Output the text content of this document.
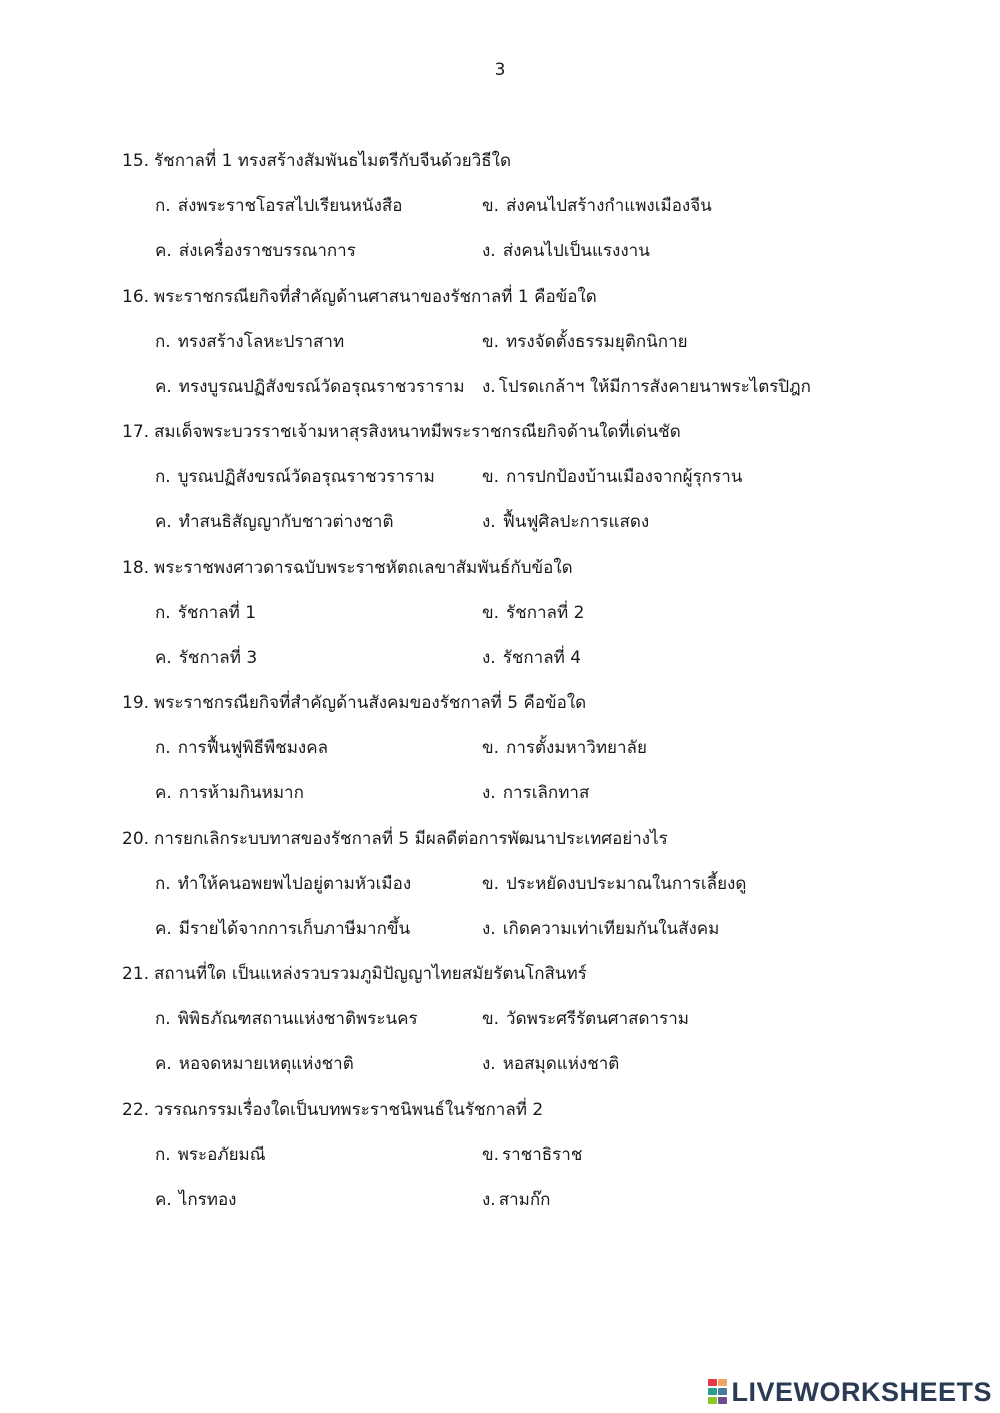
3
15. รัชกาลที่ 1 ทรงสร้างสัมพันธไมตรีกับจีนด้วยวิธีใด
ก. ส่งพระราชโอรสไปเรียนหนังสือ	ข. ส่งคนไปสร้างกำแพงเมืองจีน
ค. ส่งเครื่องราชบรรณาการ	ง. ส่งคนไปเป็นแรงงาน
16. พระราชกรณียกิจที่สำคัญด้านศาสนาของรัชกาลที่ 1 คือข้อใด
ก. ทรงสร้างโลหะปราสาท	ข. ทรงจัดตั้งธรรมยุติกนิกาย
ค. ทรงบูรณปฏิสังขรณ์วัดอรุณราชวราราม ง. โปรดเกล้าฯ ให้มีการสังคายนาพระไตรปิฎก
17. สมเด็จพระบวรราชเจ้ามหาสุรสิงหนาทมีพระราชกรณียกิจด้านใดที่เด่นชัด
ก. บูรณปฏิสังขรณ์วัดอรุณราชวราราม	ข. การปกป้องบ้านเมืองจากผู้รุกราน
ค. ทำสนธิสัญญากับชาวต่างชาติ	ง. ฟื้นฟูศิลปะการแสดง
18. พระราชพงศาวดารฉบับพระราชหัตถเลขาสัมพันธ์กับข้อใด
ก. รัชกาลที่ 1	ข. รัชกาลที่ 2
ค. รัชกาลที่ 3	ง. รัชกาลที่ 4
19. พระราชกรณียกิจที่สำคัญด้านสังคมของรัชกาลที่ 5 คือข้อใด
ก. การฟื้นฟูพิธีพืชมงคล	ข. การตั้งมหาวิทยาลัย
ค. การห้ามกินหมาก	ง. การเลิกทาส
20. การยกเลิกระบบทาสของรัชกาลที่ 5 มีผลดีต่อการพัฒนาประเทศอย่างไร
ก. ทำให้คนอพยพไปอยู่ตามหัวเมือง	ข. ประหยัดงบประมาณในการเลี้ยงดู
ค. มีรายได้จากการเก็บภาษีมากขึ้น	ง. เกิดความเท่าเทียมกันในสังคม
21. สถานที่ใด เป็นแหล่งรวบรวมภูมิปัญญาไทยสมัยรัตนโกสินทร์
ก. พิพิธภัณฑสถานแห่งชาติพระนคร	ข. วัดพระศรีรัตนศาสดาราม
ค. หอจดหมายเหตุแห่งชาติ	ง. หอสมุดแห่งชาติ
22. วรรณกรรมเรื่องใดเป็นบทพระราชนิพนธ์ในรัชกาลที่ 2
ก. พระอภัยมณี	ข. ราชาธิราช
ค. ไกรทอง	ง. สามก๊ก
LIVEWORKSHEETS
